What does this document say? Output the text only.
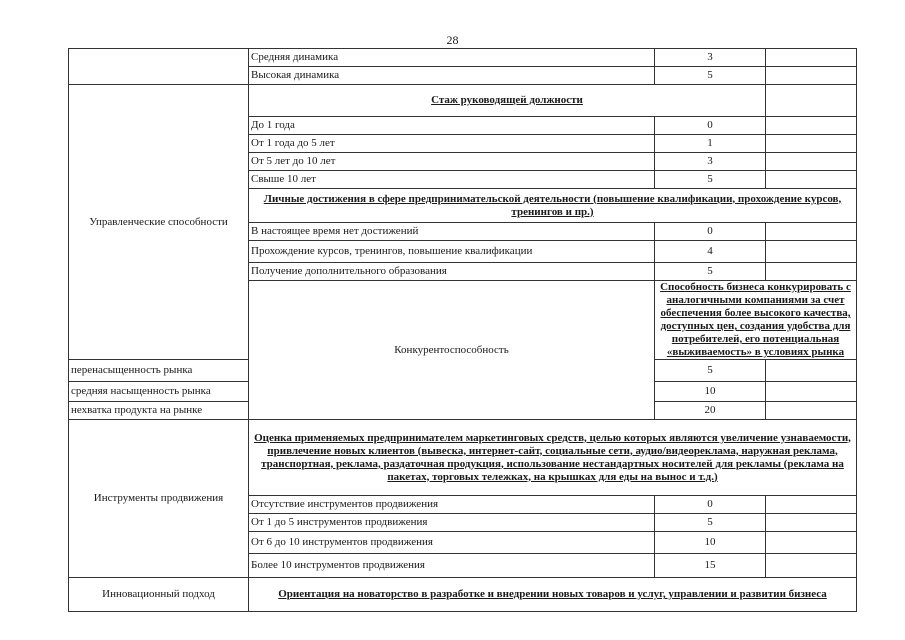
28
	Средняя динамика	3	
	Высокая динамика	5	
Управленческие способности	Стаж руководящей должности		
	До 1 года	0	
	От 1 года до 5 лет	1	
	От 5 лет до 10 лет	3	
	Свыше 10 лет	5	
	Личные достижения в сфере предпринимательской деятельности (повышение квалификации, прохождение курсов, тренингов и пр.)		
	В настоящее время нет достижений	0	
	Прохождение курсов, тренингов, повышение квалификации	4	
	Получение дополнительного образования	5	
	Конкурентоспособность	Способность бизнеса конкурировать с аналогичными компаниями за счет обеспечения более высокого качества, доступных цен, создания удобства для потребителей, его потенциальная «выживаемость» в условиях рынка	
перенасыщенность рынка		5	
средняя насыщенность рынка		10	
нехватка продукта на рынке		20	
Инструменты продвижения	Оценка применяемых предпринимателем маркетинговых средств, целью которых являются увеличение узнаваемости, привлечение новых клиентов (вывеска, интернет-сайт, социальные сети, аудио/видеореклама, наружная реклама, транспортная, реклама, раздаточная продукция, использование нестандартных носителей для рекламы (реклама на пакетах, торговых тележках, на крышках для еды на вынос и т.д.)		
	Отсутствие инструментов продвижения	0	
	От 1 до 5 инструментов продвижения	5	
	От 6 до 10 инструментов продвижения	10	
	Более 10 инструментов продвижения	15	
Инновационный подход	Ориентация на новаторство в разработке и внедрении новых товаров и услуг, управлении и развитии бизнеса		
